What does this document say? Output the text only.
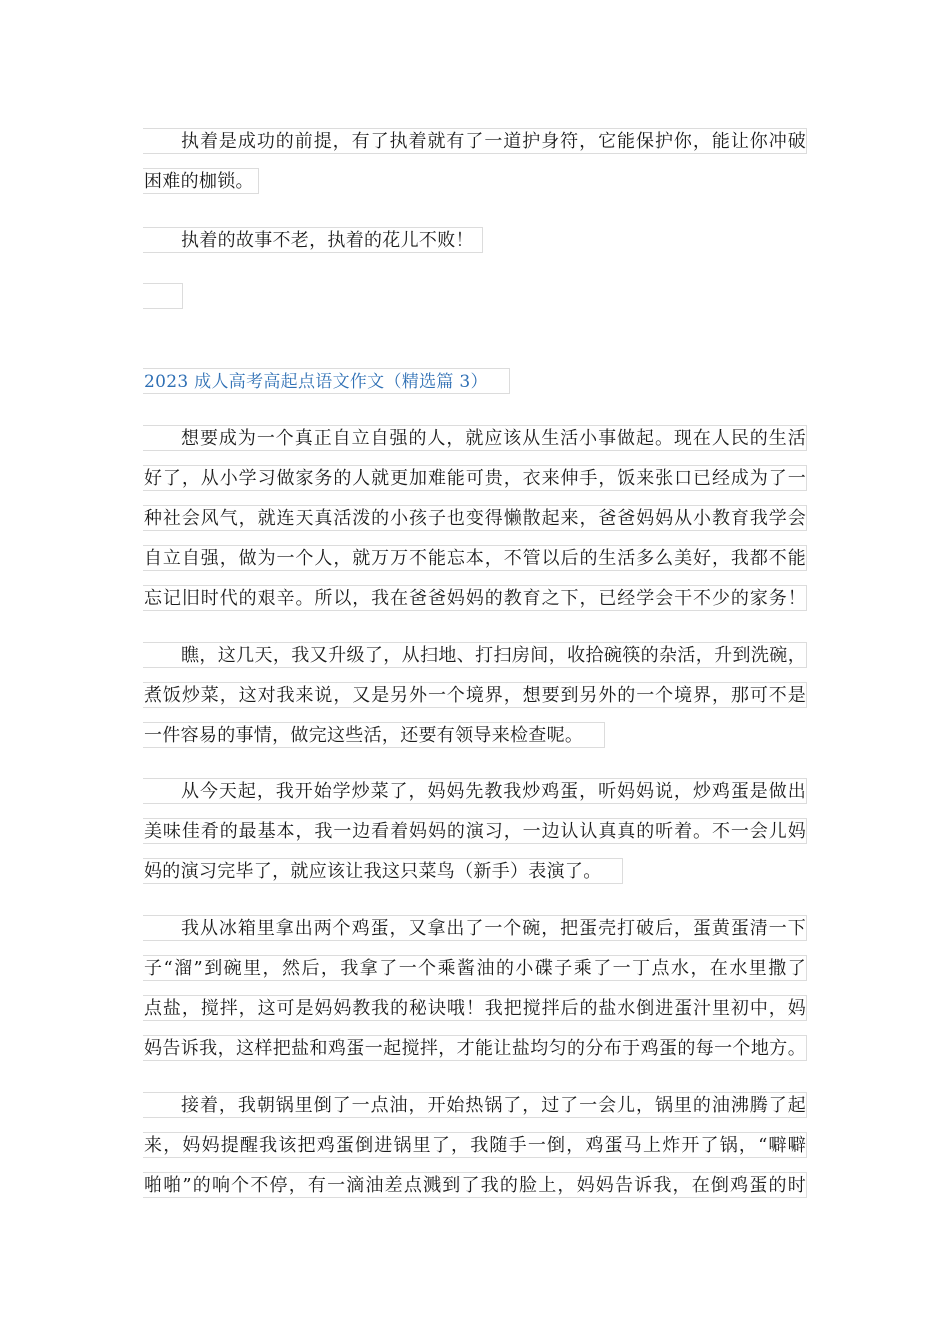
执着是成功的前提，有了执着就有了一道护身符，它能保护你，能让你冲破
困难的枷锁。
执着的故事不老，执着的花儿不败！
2023 成人高考高起点语文作文（精选篇 3）
想要成为一个真正自立自强的人，就应该从生活小事做起。现在人民的生活
好了，从小学习做家务的人就更加难能可贵，衣来伸手，饭来张口已经成为了一
种社会风气，就连天真活泼的小孩子也变得懒散起来，爸爸妈妈从小教育我学会
自立自强，做为一个人，就万万不能忘本，不管以后的生活多么美好，我都不能
忘记旧时代的艰辛。所以，我在爸爸妈妈的教育之下，已经学会干不少的家务！
瞧，这几天，我又升级了，从扫地、打扫房间，收拾碗筷的杂活，升到洗碗，
煮饭炒菜，这对我来说，又是另外一个境界，想要到另外的一个境界，那可不是
一件容易的事情，做完这些活，还要有领导来检查呢。
从今天起，我开始学炒菜了，妈妈先教我炒鸡蛋，听妈妈说，炒鸡蛋是做出
美味佳肴的最基本，我一边看着妈妈的演习，一边认认真真的听着。不一会儿妈
妈的演习完毕了，就应该让我这只菜鸟（新手）表演了。
我从冰箱里拿出两个鸡蛋，又拿出了一个碗，把蛋壳打破后，蛋黄蛋清一下
子“溜”到碗里，然后，我拿了一个乘酱油的小碟子乘了一丁点水，在水里撒了
点盐，搅拌，这可是妈妈教我的秘诀哦！我把搅拌后的盐水倒进蛋汁里初中，妈
妈告诉我，这样把盐和鸡蛋一起搅拌，才能让盐均匀的分布于鸡蛋的每一个地方。
接着，我朝锅里倒了一点油，开始热锅了，过了一会儿，锅里的油沸腾了起
来，妈妈提醒我该把鸡蛋倒进锅里了，我随手一倒，鸡蛋马上炸开了锅，“噼噼
啪啪”的响个不停，有一滴油差点溅到了我的脸上，妈妈告诉我，在倒鸡蛋的时
